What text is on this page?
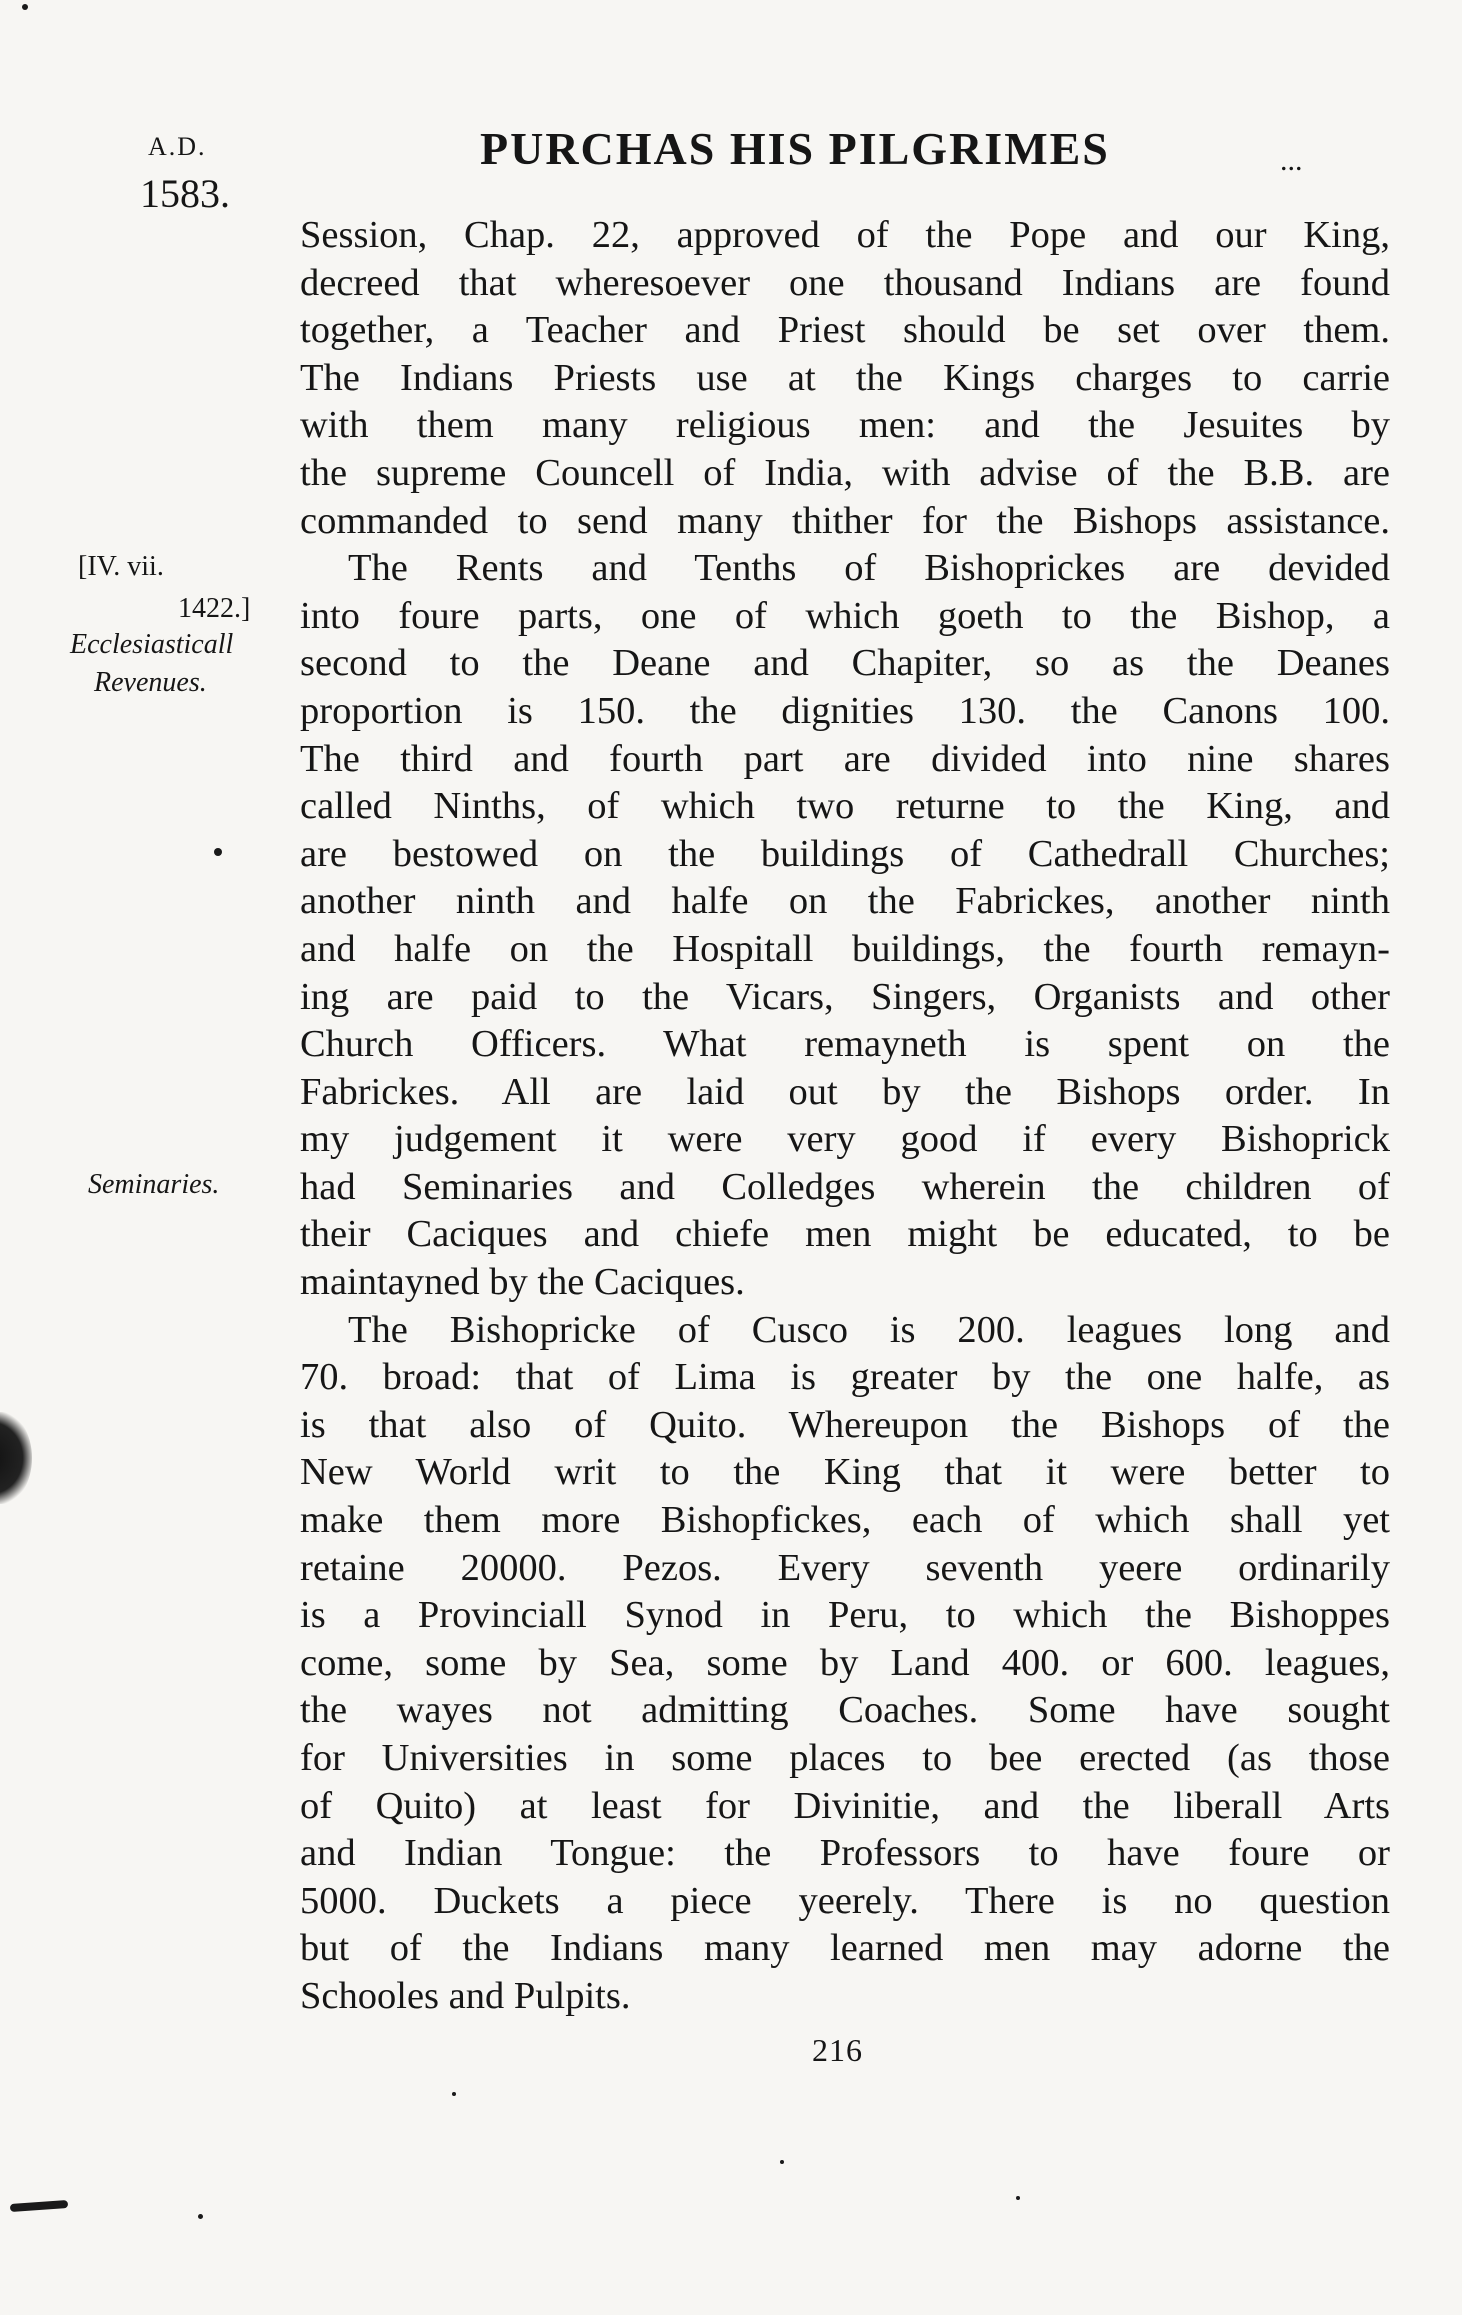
A.D.
1583.
PURCHAS HIS PILGRIMES	...
[IV. vii.
1422.]
Ecclesiasticall
Revenues.
Seminaries.
Session, Chap. 22, approved of the Pope and our King,
decreed that wheresoever one thousand Indians are found
together, a Teacher and Priest should be set over them.
The Indians Priests use at the Kings charges to carrie
with them many religious men: and the Jesuites by
the supreme Councell of India, with advise of the B.B. are
commanded to send many thither for the Bishops assistance.
The Rents and Tenths of Bishoprickes are devided
into foure parts, one of which goeth to the Bishop, a
second to the Deane and Chapiter, so as the Deanes
proportion is 150. the dignities 130. the Canons 100.
The third and fourth part are divided into nine shares
called Ninths, of which two returne to the King, and
are bestowed on the buildings of Cathedrall Churches;
another ninth and halfe on the Fabrickes, another ninth
and halfe on the Hospitall buildings, the fourth remayn-
ing are paid to the Vicars, Singers, Organists and other
Church Officers. What remayneth is spent on the
Fabrickes. All are laid out by the Bishops order. In
my judgement it were very good if every Bishoprick
had Seminaries and Colledges wherein the children of
their Caciques and chiefe men might be educated, to be
maintayned by the Caciques.
The Bishopricke of Cusco is 200. leagues long and
70. broad: that of Lima is greater by the one halfe, as
is that also of Quito. Whereupon the Bishops of the
New World writ to the King that it were better to
make them more Bishopfickes, each of which shall yet
retaine 20000. Pezos. Every seventh yeere ordinarily
is a Provinciall Synod in Peru, to which the Bishoppes
come, some by Sea, some by Land 400. or 600. leagues,
the wayes not admitting Coaches. Some have sought
for Universities in some places to bee erected (as those
of Quito) at least for Divinitie, and the liberall Arts
and Indian Tongue: the Professors to have foure or
5000. Duckets a piece yeerely. There is no question
but of the Indians many learned men may adorne the
Schooles and Pulpits.
216
